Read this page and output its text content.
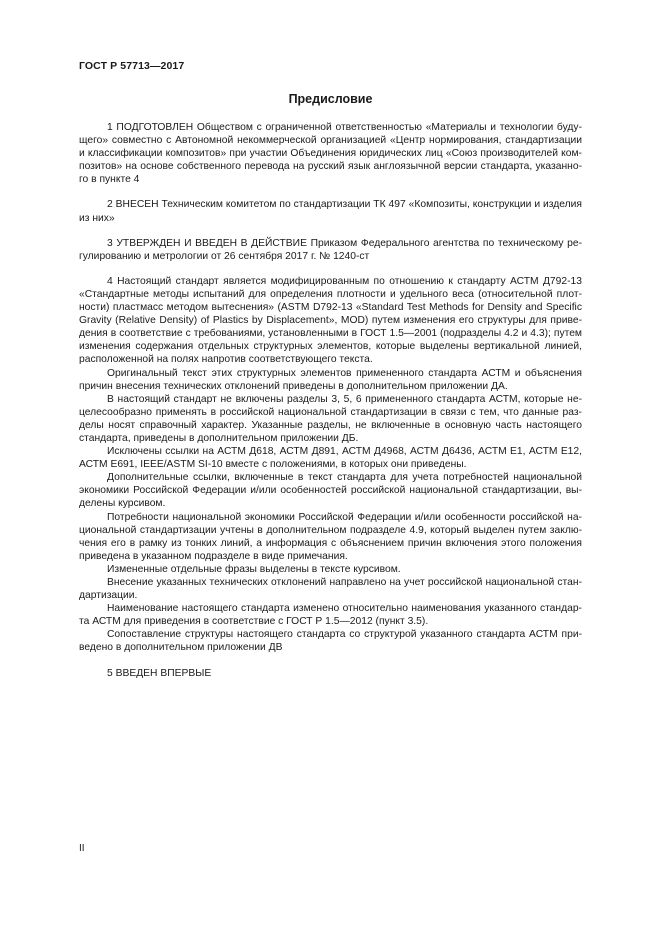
ГОСТ Р 57713—2017
Предисловие

1 ПОДГОТОВЛЕН Обществом с ограниченной ответственностью «Материалы и технологии буду-
щего» совместно с Автономной некоммерческой организацией «Центр нормирования, стандартизации
и классификации композитов» при участии Объединения юридических лиц «Союз производителей ком-
позитов» на основе собственного перевода на русский язык англоязычной версии стандарта, указанно-
го в пункте 4

2 ВНЕСЕН Техническим комитетом по стандартизации ТК 497 «Композиты, конструкции и изделия
из них»

3 УТВЕРЖДЕН И ВВЕДЕН В ДЕЙСТВИЕ Приказом Федерального агентства по техническому ре-
гулированию и метрологии от 26 сентября 2017 г. № 1240-ст

4 Настоящий стандарт является модифицированным по отношению к стандарту АСТМ Д792-13
«Стандартные методы испытаний для определения плотности и удельного веса (относительной плот-
ности) пластмасс методом вытеснения» (ASTM D792-13 «Standard Test Methods for Density and Specific
Gravity (Relative Density) of Plastics by Displacement», MOD) путем изменения его структуры для приве-
дения в соответствие с требованиями, установленными в ГОСТ 1.5—2001 (подразделы 4.2 и 4.3); путем
изменения содержания отдельных структурных элементов, которые выделены вертикальной линией,
расположенной на полях напротив соответствующего текста.

Оригинальный текст этих структурных элементов примененного стандарта АСТМ и объяснения
причин внесения технических отклонений приведены в дополнительном приложении ДА.

В настоящий стандарт не включены разделы 3, 5, 6 примененного стандарта АСТМ, которые не-
целесообразно применять в российской национальной стандартизации в связи с тем, что данные раз-
делы носят справочный характер. Указанные разделы, не включенные в основную часть настоящего
стандарта, приведены в дополнительном приложении ДБ.

Исключены ссылки на АСТМ Д618, АСТМ Д891, АСТМ Д4968, АСТМ Д6436, АСТМ Е1, АСТМ Е12,
АСТМ Е691, IEEE/ASTM SI-10 вместе с положениями, в которых они приведены.

Дополнительные ссылки, включенные в текст стандарта для учета потребностей национальной
экономики Российской Федерации и/или особенностей российской национальной стандартизации, вы-
делены курсивом.

Потребности национальной экономики Российской Федерации и/или особенности российской на-
циональной стандартизации учтены в дополнительном подразделе 4.9, который выделен путем заклю-
чения его в рамку из тонких линий, а информация с объяснением причин включения этого положения
приведена в указанном подразделе в виде примечания.

Измененные отдельные фразы выделены в тексте курсивом.

Внесение указанных технических отклонений направлено на учет российской национальной стан-
дартизации.

Наименование настоящего стандарта изменено относительно наименования указанного стандар-
та АСТМ для приведения в соответствие с ГОСТ Р 1.5—2012 (пункт 3.5).

Сопоставление структуры настоящего стандарта со структурой указанного стандарта АСТМ при-
ведено в дополнительном приложении ДВ

5 ВВЕДЕН ВПЕРВЫЕ

II
